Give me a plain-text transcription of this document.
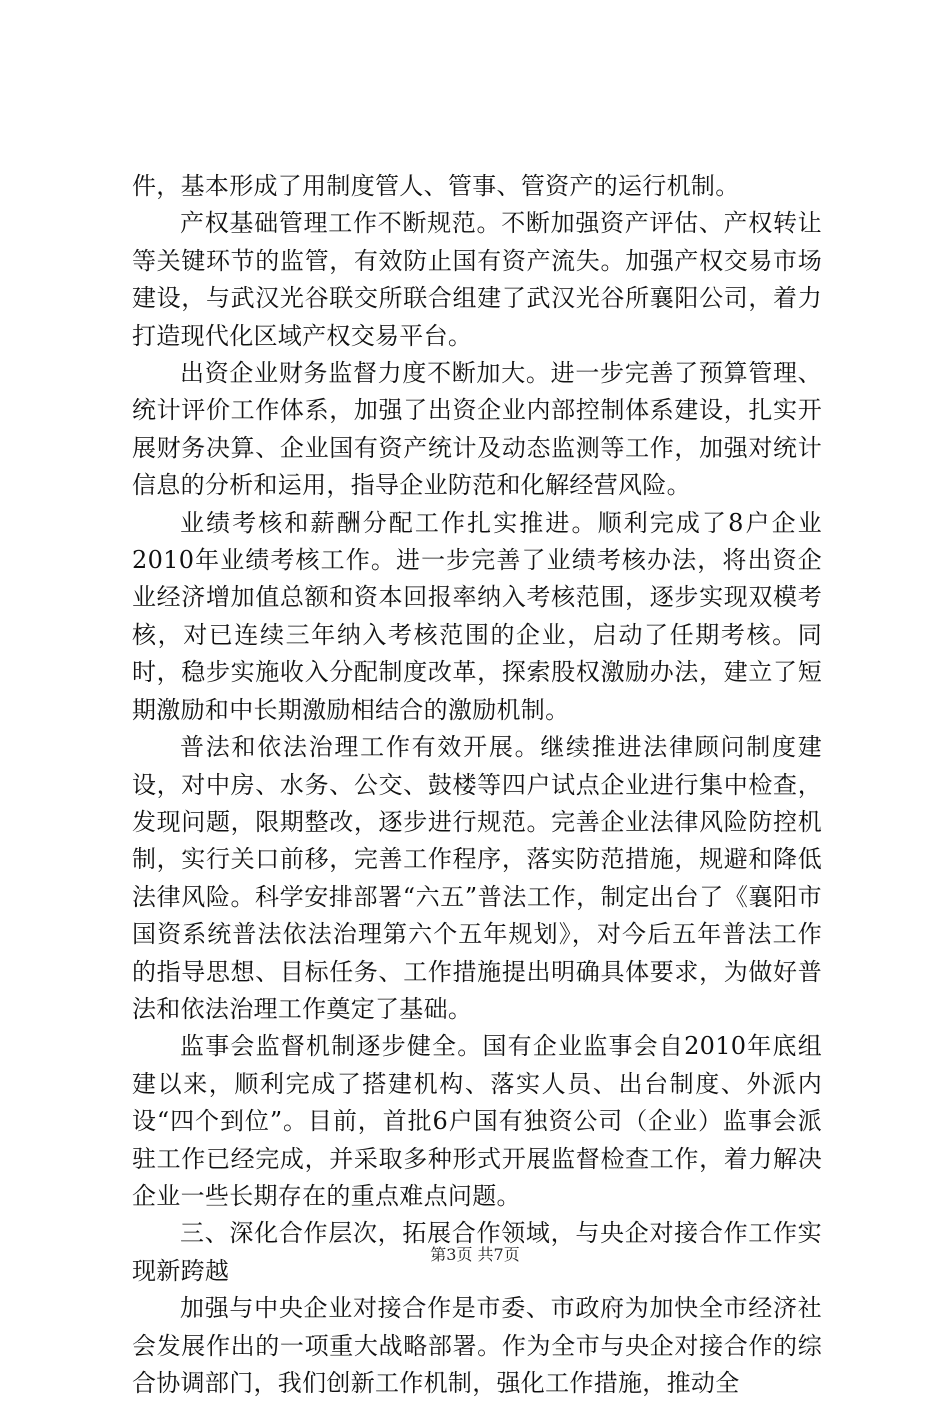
件，基本形成了用制度管人、管事、管资产的运行机制。

产权基础管理工作不断规范。不断加强资产评估、产权转让等关键环节的监管，有效防止国有资产流失。加强产权交易市场建设，与武汉光谷联交所联合组建了武汉光谷所襄阳公司，着力打造现代化区域产权交易平台。

出资企业财务监督力度不断加大。进一步完善了预算管理、统计评价工作体系，加强了出资企业内部控制体系建设，扎实开展财务决算、企业国有资产统计及动态监测等工作，加强对统计信息的分析和运用，指导企业防范和化解经营风险。

业绩考核和薪酬分配工作扎实推进。顺利完成了8户企业2010年业绩考核工作。进一步完善了业绩考核办法，将出资企业经济增加值总额和资本回报率纳入考核范围，逐步实现双模考核，对已连续三年纳入考核范围的企业，启动了任期考核。同时，稳步实施收入分配制度改革，探索股权激励办法，建立了短期激励和中长期激励相结合的激励机制。

普法和依法治理工作有效开展。继续推进法律顾问制度建设，对中房、水务、公交、鼓楼等四户试点企业进行集中检查，发现问题，限期整改，逐步进行规范。完善企业法律风险防控机制，实行关口前移，完善工作程序，落实防范措施，规避和降低法律风险。科学安排部署“六五”普法工作，制定出台了《襄阳市国资系统普法依法治理第六个五年规划》，对今后五年普法工作的指导思想、目标任务、工作措施提出明确具体要求，为做好普法和依法治理工作奠定了基础。

监事会监督机制逐步健全。国有企业监事会自2010年底组建以来，顺利完成了搭建机构、落实人员、出台制度、外派内设“四个到位”。目前，首批6户国有独资公司（企业）监事会派驻工作已经完成，并采取多种形式开展监督检查工作，着力解决企业一些长期存在的重点难点问题。

三、深化合作层次，拓展合作领域，与央企对接合作工作实现新跨越

加强与中央企业对接合作是市委、市政府为加快全市经济社会发展作出的一项重大战略部署。作为全市与央企对接合作的综合协调部门，我们创新工作机制，强化工作措施，推动全

第3页 共7页
